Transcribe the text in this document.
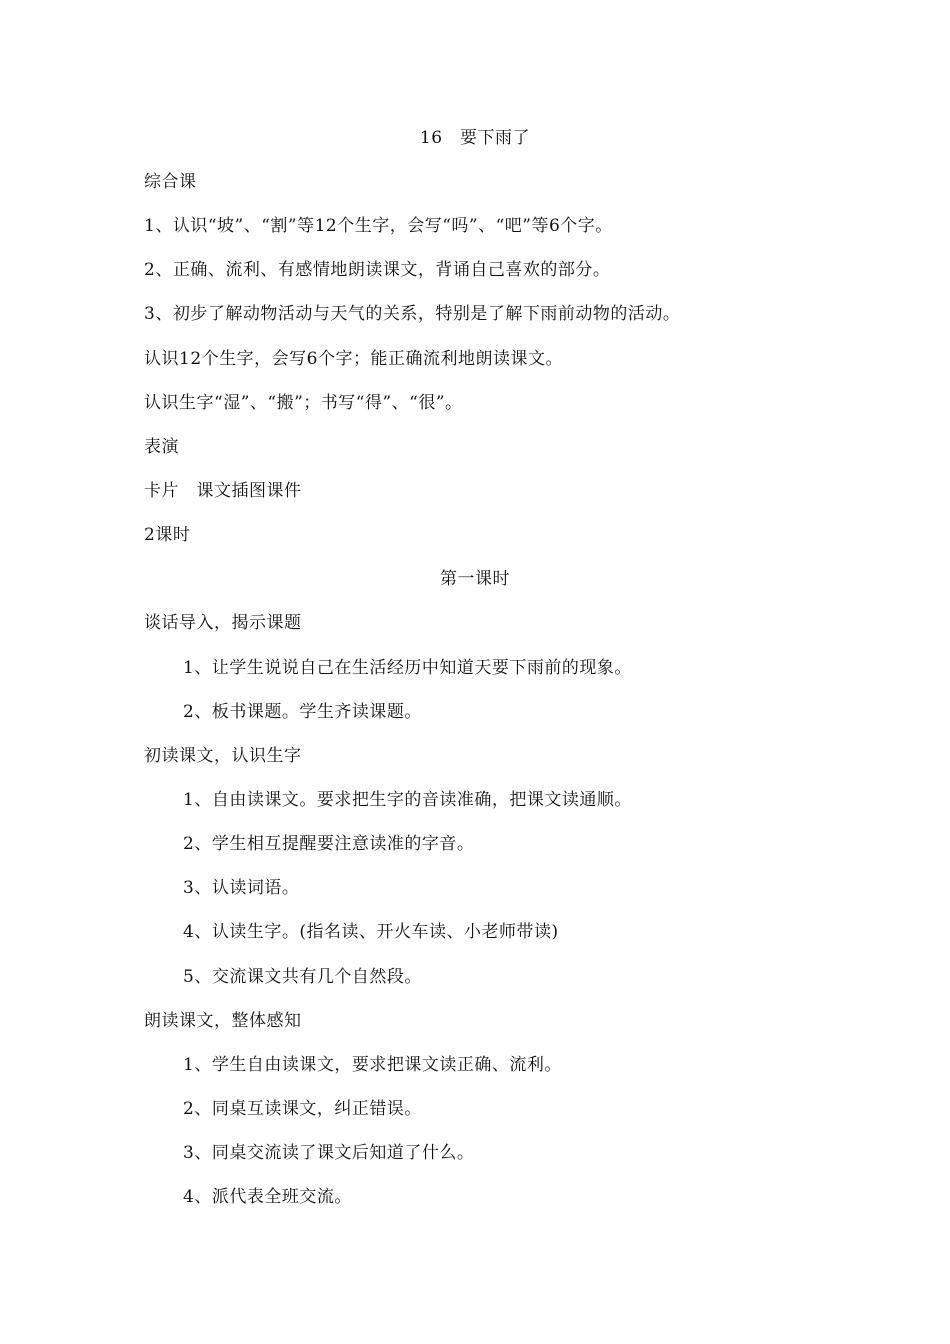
16　要下雨了
综合课
1、认识“坡”、“割”等12个生字，会写“吗”、“吧”等6个字。
2、正确、流利、有感情地朗读课文，背诵自己喜欢的部分。
3、初步了解动物活动与天气的关系，特别是了解下雨前动物的活动。
认识12个生字，会写6个字；能正确流利地朗读课文。
认识生字“湿”、“搬”；书写“得”、“很”。
表演
卡片　课文插图课件
2课时
第一课时
谈话导入，揭示课题
1、让学生说说自己在生活经历中知道天要下雨前的现象。
2、板书课题。学生齐读课题。
初读课文，认识生字
1、自由读课文。要求把生字的音读准确，把课文读通顺。
2、学生相互提醒要注意读准的字音。
3、认读词语。
4、认读生字。(指名读、开火车读、小老师带读)
5、交流课文共有几个自然段。
朗读课文，整体感知
1、学生自由读课文，要求把课文读正确、流利。
2、同桌互读课文，纠正错误。
3、同桌交流读了课文后知道了什么。
4、派代表全班交流。
